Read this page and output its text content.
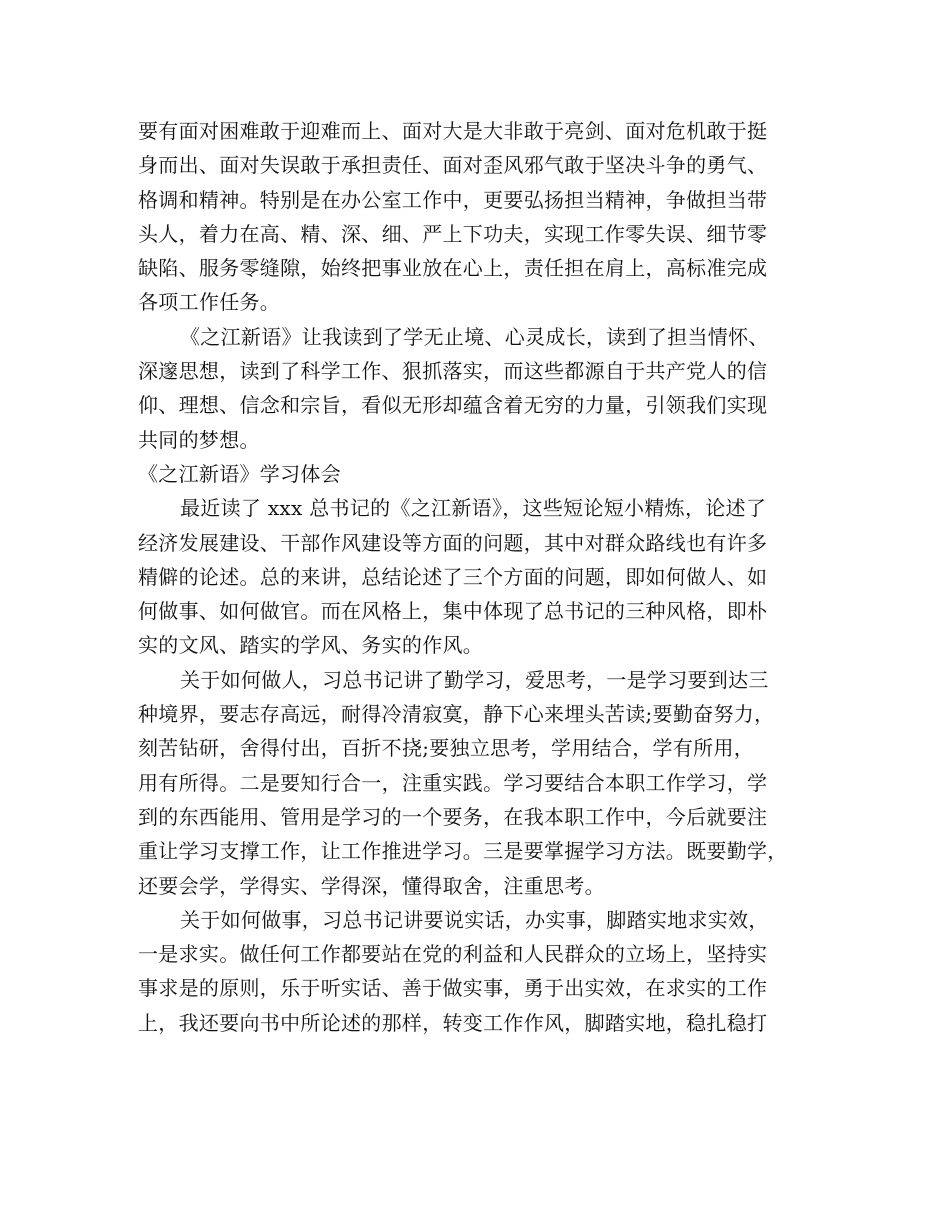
要有面对困难敢于迎难而上、面对大是大非敢于亮剑、面对危机敢于挺
身而出、面对失误敢于承担责任、面对歪风邪气敢于坚决斗争的勇气、
格调和精神。特别是在办公室工作中，更要弘扬担当精神，争做担当带
头人，着力在高、精、深、细、严上下功夫，实现工作零失误、细节零
缺陷、服务零缝隙，始终把事业放在心上，责任担在肩上，高标准完成
各项工作任务。
《之江新语》让我读到了学无止境、心灵成长，读到了担当情怀、
深邃思想，读到了科学工作、狠抓落实，而这些都源自于共产党人的信
仰、理想、信念和宗旨，看似无形却蕴含着无穷的力量，引领我们实现
共同的梦想。
《之江新语》学习体会
最近读了 xxx 总书记的《之江新语》，这些短论短小精炼，论述了
经济发展建设、干部作风建设等方面的问题，其中对群众路线也有许多
精僻的论述。总的来讲，总结论述了三个方面的问题，即如何做人、如
何做事、如何做官。而在风格上，集中体现了总书记的三种风格，即朴
实的文风、踏实的学风、务实的作风。
关于如何做人，习总书记讲了勤学习，爱思考，一是学习要到达三
种境界，要志存高远，耐得冷清寂寞，静下心来埋头苦读;要勤奋努力，
刻苦钻研，舍得付出，百折不挠;要独立思考，学用结合，学有所用，
用有所得。二是要知行合一，注重实践。学习要结合本职工作学习，学
到的东西能用、管用是学习的一个要务，在我本职工作中，今后就要注
重让学习支撑工作，让工作推进学习。三是要掌握学习方法。既要勤学，
还要会学，学得实、学得深，懂得取舍，注重思考。
关于如何做事，习总书记讲要说实话，办实事，脚踏实地求实效，
一是求实。做任何工作都要站在党的利益和人民群众的立场上，坚持实
事求是的原则，乐于听实话、善于做实事，勇于出实效，在求实的工作
上，我还要向书中所论述的那样，转变工作作风，脚踏实地，稳扎稳打
